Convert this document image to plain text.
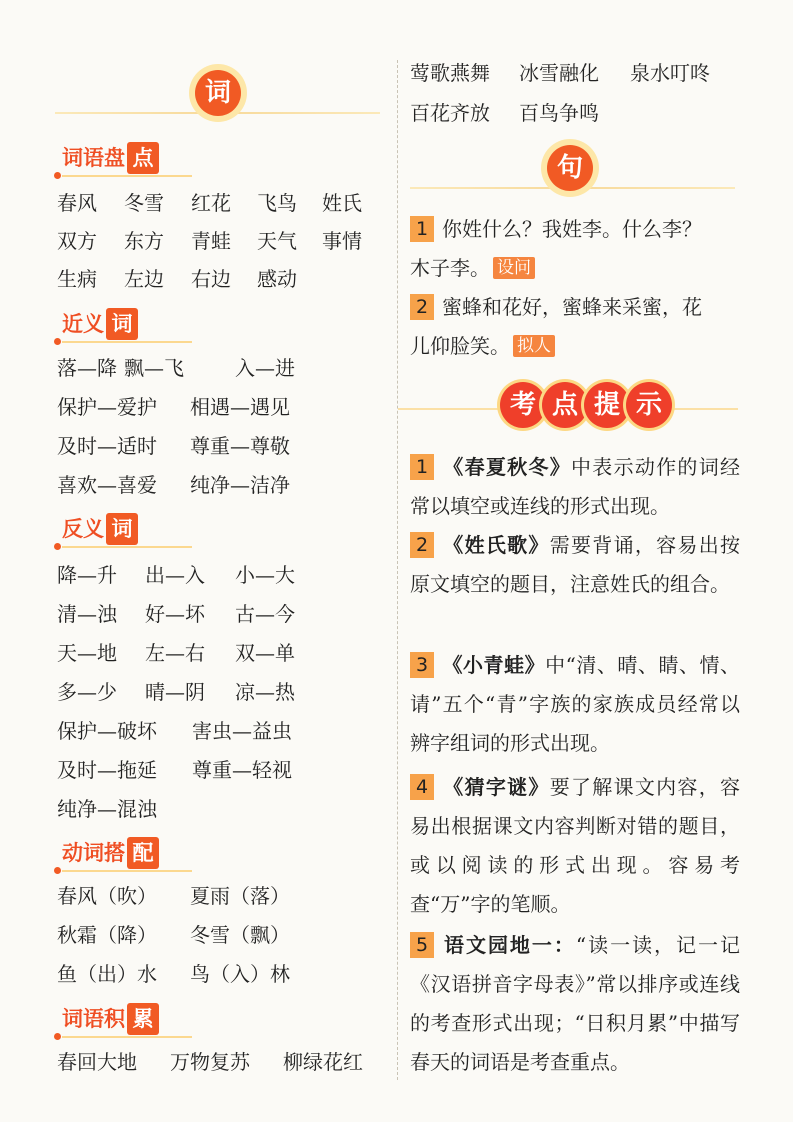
词
词语盘 点
春风 冬雪 红花 飞鸟 姓氏
双方 东方 青蛙 天气 事情
生病 左边 右边 感动
近义 词
落—降 飘—飞	入—进
保护—爱护 相遇—遇见
及时—适时 尊重—尊敬
喜欢—喜爱 纯净—洁净
反义 词
降—升 出—入 小—大
清—浊 好—坏 古—今
天—地 左—右 双—单
多—少 晴—阴 凉—热
保护—破坏 害虫—益虫
及时—拖延 尊重—轻视
纯净—混浊
动词搭 配
春风（吹） 夏雨（落）
秋霜（降） 冬雪（飘）
鱼（出）水 鸟（入）林
词语积 累
春回大地 万物复苏 柳绿花红
莺歌燕舞 冰雪融化 泉水叮咚
百花齐放 百鸟争鸣
句
1 你姓什么？我姓李。什么李？
木子李。 设问
2 蜜蜂和花好，蜜蜂来采蜜，花
儿仰脸笑。 拟人
考 点 提 示
1 《春夏秋冬》中表示动作的词经常以填空或连线的形式出现。
2 《姓氏歌》需要背诵，容易出按原文填空的题目，注意姓氏的组合。
3 《小青蛙》中“清、晴、睛、情、请”五个“青”字族的家族成员经常以辨字组词的形式出现。
4 《猜字谜》要了解课文内容，容易出根据课文内容判断对错的题目，或以阅读的形式出现。容易考查“万”字的笔顺。
5 语文园地一：“读一读，记一记《汉语拼音字母表》”常以排序或连线的考查形式出现；“日积月累”中描写春天的词语是考查重点。
